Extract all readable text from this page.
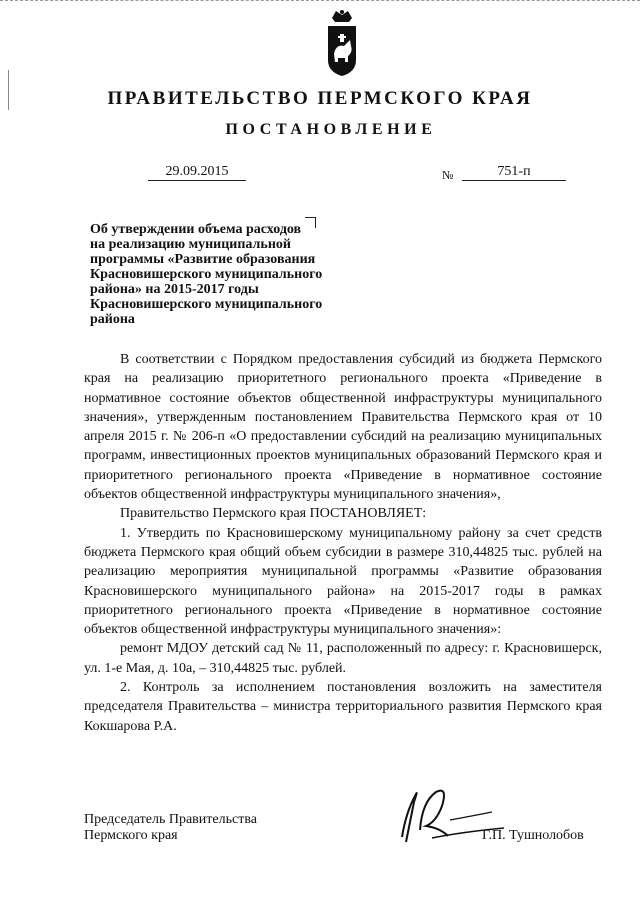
ПРАВИТЕЛЬСТВО ПЕРМСКОГО КРАЯ
ПОСТАНОВЛЕНИЕ
29.09.2015	№	751-п
Об утверждении объема расходов
на реализацию муниципальной
программы «Развитие образования
Красновишерского муниципального
района» на 2015-2017 годы
Красновишерского муниципального
района

В соответствии с Порядком предоставления субсидий из бюджета Пермского края на реализацию приоритетного регионального проекта «Приведение в нормативное состояние объектов общественной инфраструктуры муниципального значения», утвержденным постановлением Правительства Пермского края от 10 апреля 2015 г. № 206-п «О предоставлении субсидий на реализацию муниципальных программ, инвестиционных проектов муниципальных образований Пермского края и приоритетного регионального проекта «Приведение в нормативное состояние объектов общественной инфраструктуры муниципального значения»,

Правительство Пермского края ПОСТАНОВЛЯЕТ:

1. Утвердить по Красновишерскому муниципальному району за счет средств бюджета Пермского края общий объем субсидии в размере 310,44825 тыс. рублей на реализацию мероприятия муниципальной программы «Развитие образования Красновишерского муниципального района» на 2015-2017 годы в рамках приоритетного регионального проекта «Приведение в нормативное состояние объектов общественной инфраструктуры муниципального значения»:

ремонт МДОУ детский сад № 11, расположенный по адресу: г. Красновишерск, ул. 1-е Мая, д. 10а, – 310,44825 тыс. рублей.

2. Контроль за исполнением постановления возложить на заместителя председателя Правительства – министра территориального развития Пермского края Кокшарова Р.А.

Председатель Правительства
Пермского края	Г.П. Тушнолобов
